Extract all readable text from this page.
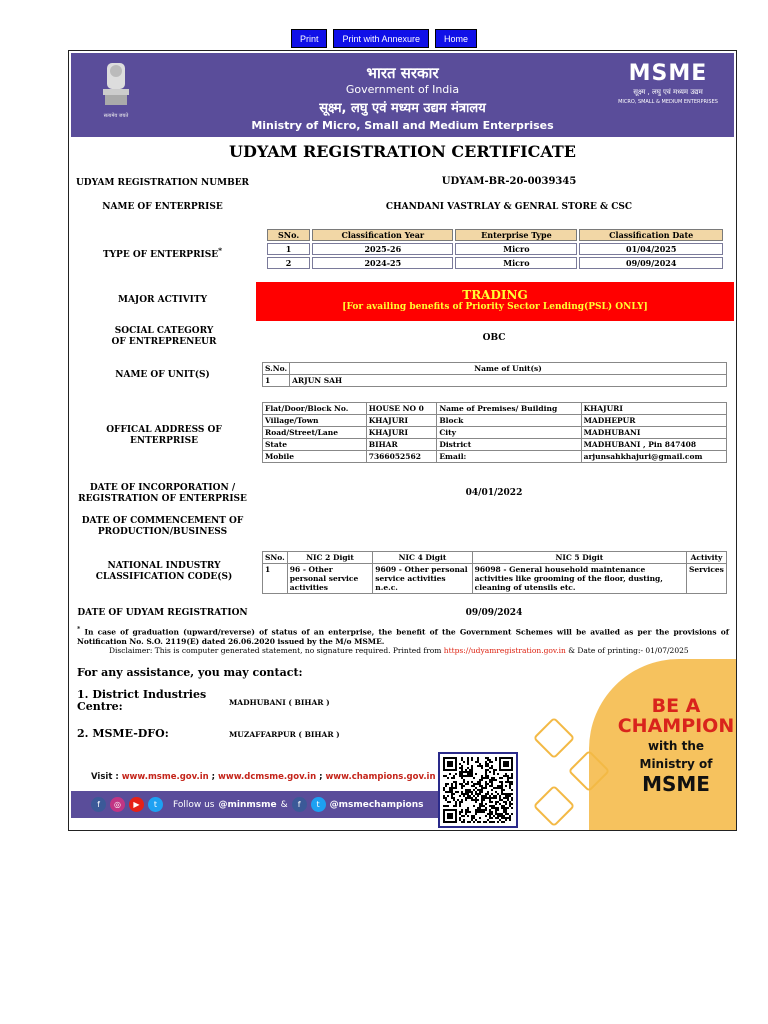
Print	Print with Annexure	Home
सत्यमेव जयते
भारत सरकार
Government of India
सूक्ष्म, लघु एवं मध्यम उद्यम मंत्रालय
Ministry of Micro, Small and Medium Enterprises
MSME
सूक्ष्म , लघु एवं मध्यम उद्यम
MICRO, SMALL & MEDIUM ENTERPRISES
UDYAM REGISTRATION CERTIFICATE
UDYAM REGISTRATION NUMBER	UDYAM-BR-20-0039345
NAME OF ENTERPRISE	CHANDANI VASTRLAY & GENRAL STORE & CSC
TYPE OF ENTERPRISE*
SNo.	Classification Year	Enterprise Type	Classification Date
1	2025-26	Micro	01/04/2025
2	2024-25	Micro	09/09/2024
MAJOR ACTIVITY	TRADING
[For availing benefits of Priority Sector Lending(PSL) ONLY]
SOCIAL CATEGORY OF ENTREPRENEUR	OBC
NAME OF UNIT(S)
S.No.	Name of Unit(s)
1	ARJUN SAH
OFFICAL ADDRESS OF ENTERPRISE
Flat/Door/Block No.	HOUSE NO 0	Name of Premises/ Building	KHAJURI
Village/Town	KHAJURI	Block	MADHEPUR
Road/Street/Lane	KHAJURI	City	MADHUBANI
State	BIHAR	District	MADHUBANI , Pin 847408
Mobile	7366052562	Email:	arjunsahkhajuri@gmail.com
DATE OF INCORPORATION / REGISTRATION OF ENTERPRISE
04/01/2022
DATE OF COMMENCEMENT OF PRODUCTION/BUSINESS
NATIONAL INDUSTRY CLASSIFICATION CODE(S)
SNo.	NIC 2 Digit	NIC 4 Digit	NIC 5 Digit	Activity
1	96 - Other personal service activities	9609 - Other personal service activities n.e.c.	96098 - General household maintenance activities like grooming of the floor, dusting, cleaning of utensils etc.	Services
DATE OF UDYAM REGISTRATION	09/09/2024
* In case of graduation (upward/reverse) of status of an enterprise, the benefit of the Government Schemes will be availed as per the provisions of Notification No. S.O. 2119(E) dated 26.06.2020 issued by the M/o MSME.
Disclaimer: This is computer generated statement, no signature required. Printed from https://udyamregistration.gov.in & Date of printing:- 01/07/2025
For any assistance, you may contact:
1. District Industries Centre:	MADHUBANI ( BIHAR )
2. MSME-DFO:	MUZAFFARPUR ( BIHAR )
BE A
CHAMPION
with the
Ministry of
MSME
Visit : www.msme.gov.in ; www.dcmsme.gov.in ; www.champions.gov.in
f	◎	▶	t	Follow us @minmsme &	f	t	@msmechampions
